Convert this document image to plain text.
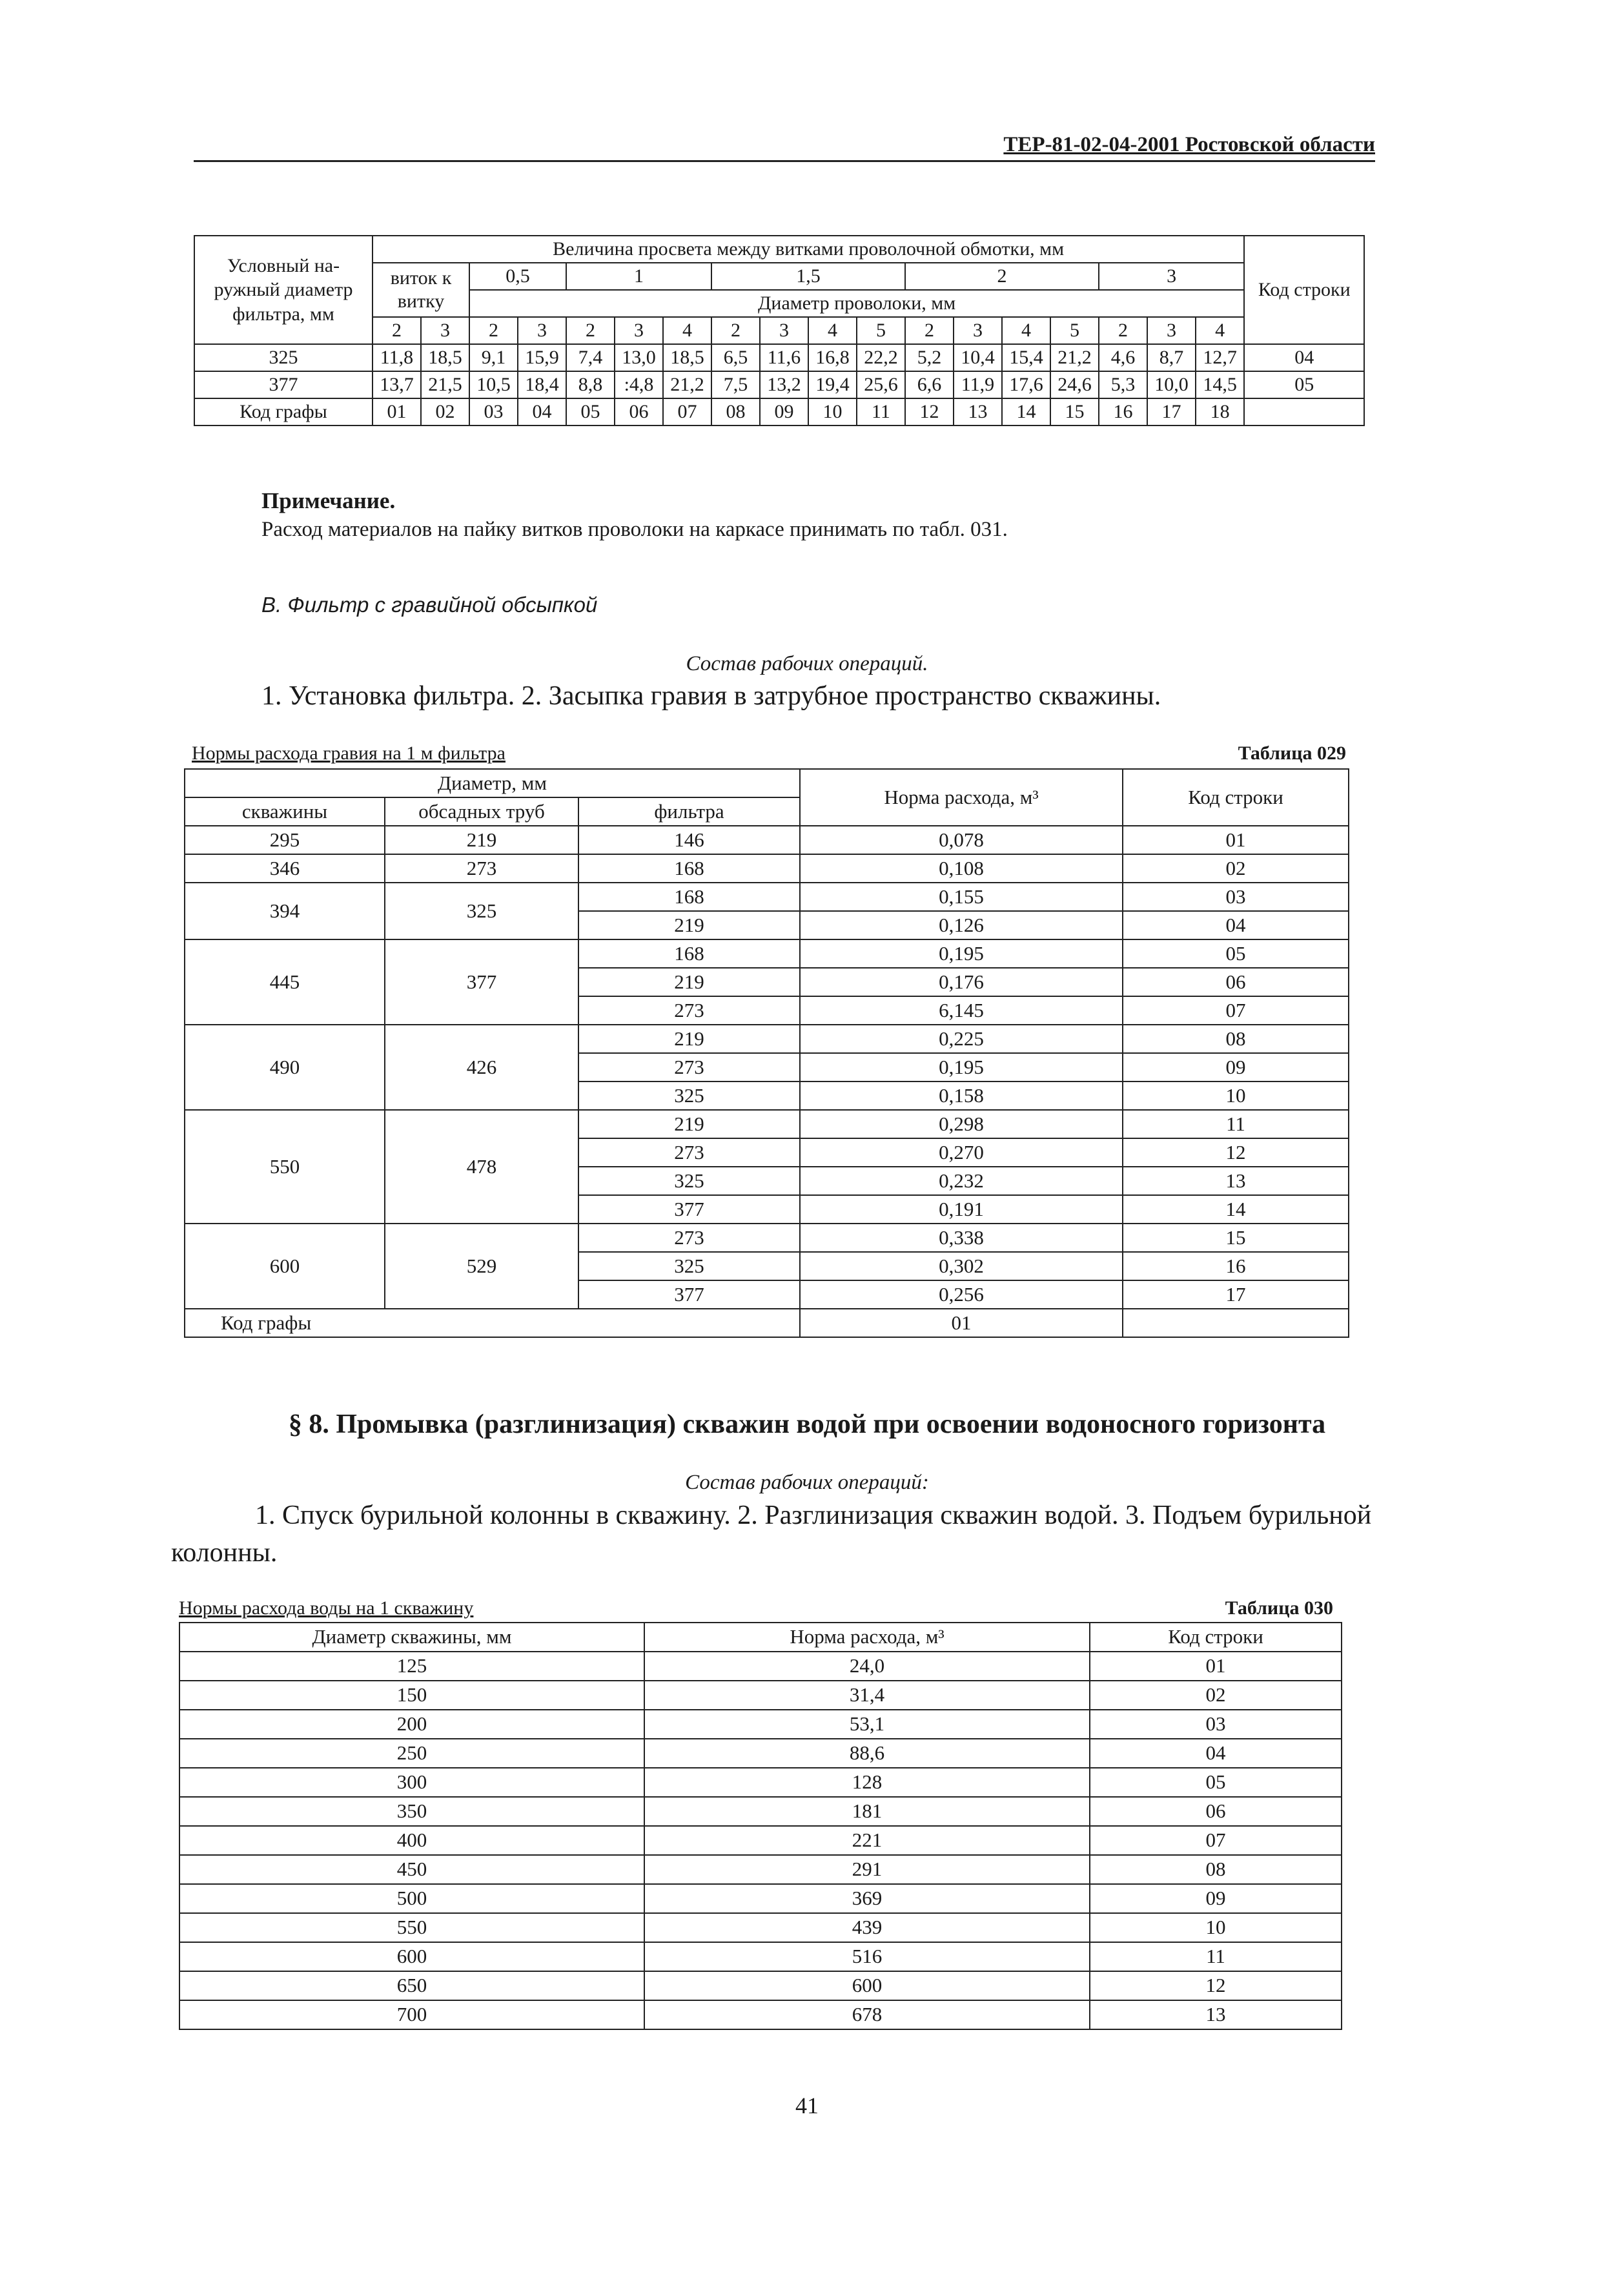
ТЕР-81-02-04-2001 Ростовской области
Условный на-ружный диаметр фильтра, мм	Величина просвета между витками проволочной обмотки, мм																		Код строки
	виток к витку		0,5		1			1,5				2				3			
			Диаметр проволоки, мм																
	2	3	2	3	2	3	4	2	3	4	5	2	3	4	5	2	3	4	
325	11,8	18,5	9,1	15,9	7,4	13,0	18,5	6,5	11,6	16,8	22,2	5,2	10,4	15,4	21,2	4,6	8,7	12,7	04
377	13,7	21,5	10,5	18,4	8,8	:4,8	21,2	7,5	13,2	19,4	25,6	6,6	11,9	17,6	24,6	5,3	10,0	14,5	05
Код графы	01	02	03	04	05	06	07	08	09	10	11	12	13	14	15	16	17	18	
Примечание.
Расход материалов на пайку витков проволоки на каркасе принимать по табл. 031.
В. Фильтр с гравийной обсыпкой
Состав рабочих операций.
1. Установка фильтра. 2. Засыпка гравия в затрубное пространство скважины.
Нормы расхода гравия на 1 м фильтра	Таблица 029
Диаметр, мм			Норма расхода, м³	Код строки
скважины	обсадных труб	фильтра		
295	219	146	0,078	01
346	273	168	0,108	02
394	325	168	0,155	03
		219	0,126	04
445	377	168	0,195	05
		219	0,176	06
		273	6,145	07
490	426	219	0,225	08
		273	0,195	09
		325	0,158	10
550	478	219	0,298	11
		273	0,270	12
		325	0,232	13
		377	0,191	14
600	529	273	0,338	15
		325	0,302	16
		377	0,256	17
Код графы			01	
§ 8. Промывка (разглинизация) скважин водой при освоении водоносного горизонта
Состав рабочих операций:
1. Спуск бурильной колонны в скважину. 2. Разглинизация скважин водой. 3. Подъем бурильной колонны.
Нормы расхода воды на 1 скважину	Таблица 030
Диаметр скважины, мм	Норма расхода, м³	Код строки
125	24,0	01
150	31,4	02
200	53,1	03
250	88,6	04
300	128	05
350	181	06
400	221	07
450	291	08
500	369	09
550	439	10
600	516	11
650	600	12
700	678	13
41
